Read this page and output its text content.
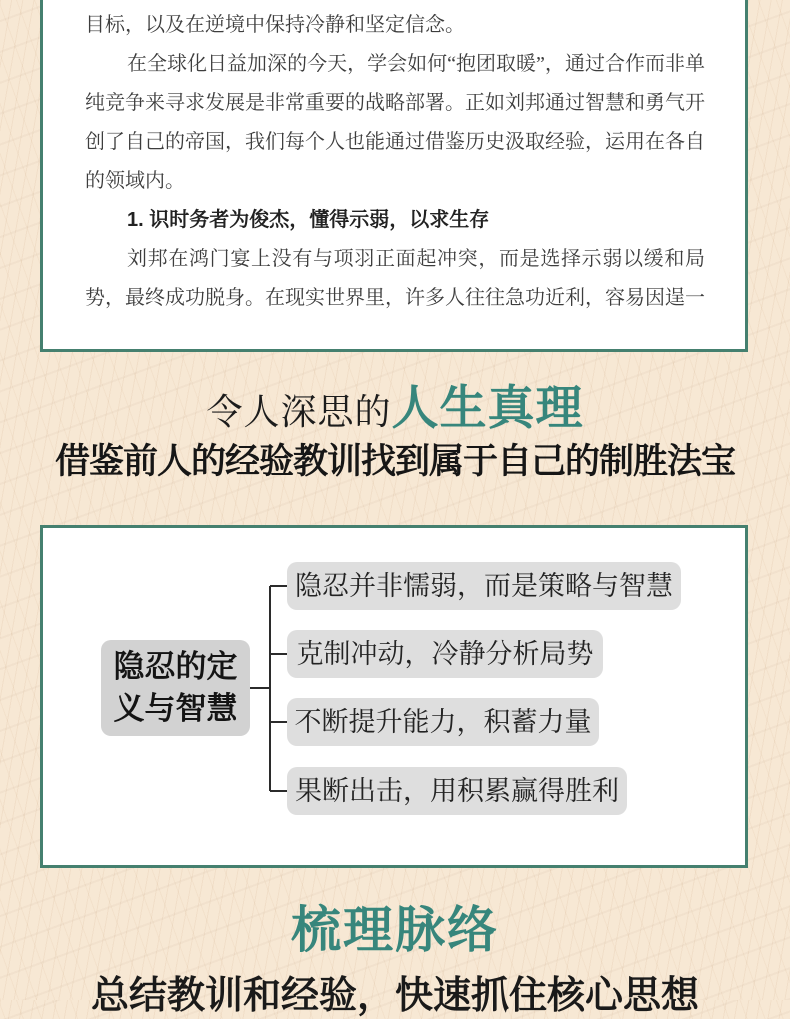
目标，以及在逆境中保持冷静和坚定信念。
在全球化日益加深的今天，学会如何“抱团取暖”，通过合作而非单
纯竞争来寻求发展是非常重要的战略部署。正如刘邦通过智慧和勇气开
创了自己的帝国，我们每个人也能通过借鉴历史汲取经验，运用在各自
的领域内。
1. 识时务者为俊杰，懂得示弱，以求生存
刘邦在鸿门宴上没有与项羽正面起冲突，而是选择示弱以缓和局
势，最终成功脱身。在现实世界里，许多人往往急功近利，容易因逞一
令人深思的人生真理
借鉴前人的经验教训找到属于自己的制胜法宝
隐忍的定
义与智慧
隐忍并非懦弱，而是策略与智慧
克制冲动，冷静分析局势
不断提升能力，积蓄力量
果断出击，用积累赢得胜利
梳理脉络
总结教训和经验，快速抓住核心思想
